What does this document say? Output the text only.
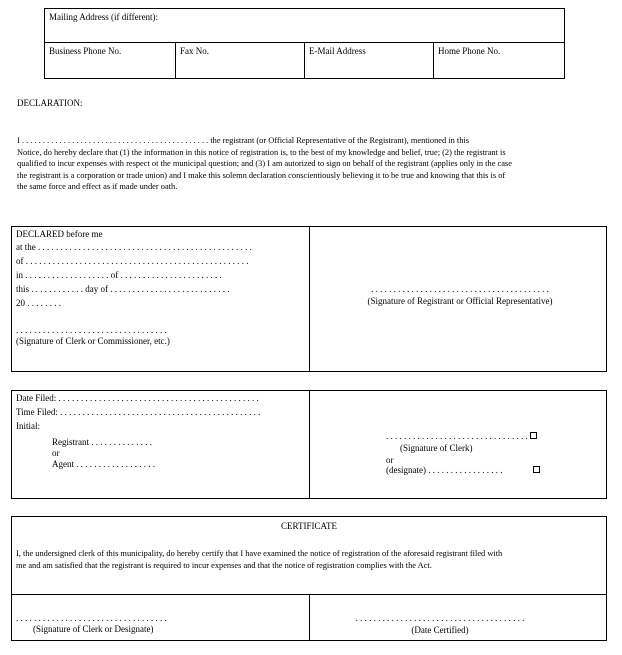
Mailing Address (if different):
Business Phone No.	Fax No.	E-Mail Address	Home Phone No.
DECLARATION:
I . . . . . . . . . . . . . . . . . . . . . . . . . . . . . . . . . . . . . . . . . . . . . the registrant (or Official Representative of the Registrant), mentioned in this
Notice, do hereby declare that (1) the information in this notice of registration is, to the best of my knowledge and belief, true; (2) the registrant is
qualified to incur expenses with respect ot the municipal question; and (3) I am autorized to sign on behalf of the registrant (applies only in the case
the registrant is a corporation or trade union) and I make this solemn declaration conscientiously believing it to be true and knowing that this is of
the same force and effect as if made under oath.
DECLARED before me
at the . . . . . . . . . . . . . . . . . . . . . . . . . . . . . . . . . . . . . . . . . . . . . . . .
of . . . . . . . . . . . . . . . . . . . . . . . . . . . . . . . . . . . . . . . . . . . . . . . . . .
in . . . . . . . . . . . . . . . . . . . of . . . . . . . . . . . . . . . . . . . . . . .
this . . . . . . . . . . . . day of . . . . . . . . . . . . . . . . . . . . . . . . . . .
20 . . . . . . . .
. . . . . . . . . . . . . . . . . . . . . . . . . . . . . . . . . .
(Signature of Clerk or Commissioner, etc.)
. . . . . . . . . . . . . . . . . . . . . . . . . . . . . . . . . . . . . . . .
(Signature of Registrant or Official Representative)
Date Filed: . . . . . . . . . . . . . . . . . . . . . . . . . . . . . . . . . . . . . . . . . . . . .
Time Filed: . . . . . . . . . . . . . . . . . . . . . . . . . . . . . . . . . . . . . . . . . . . . .
Initial:
Registrant . . . . . . . . . . . . . .
or
Agent . . . . . . . . . . . . . . . . . .
. . . . . . . . . . . . . . . . . . . . . . . . . . . . . . . .
(Signature of Clerk)
or
(designate) . . . . . . . . . . . . . . . . .
CERTIFICATE
I, the undersigned clerk of this municipality, do hereby certify that I have examined the notice of registration of the aforesaid registrant filed with
me and am satisfied that the registrant is required to incur expenses and that the notice of registration complies with the Act.
. . . . . . . . . . . . . . . . . . . . . . . . . . . . . . . . . .
(Signature of Clerk or Designate)
. . . . . . . . . . . . . . . . . . . . . . . . . . . . . . . . . . . . . .
(Date Certified)
